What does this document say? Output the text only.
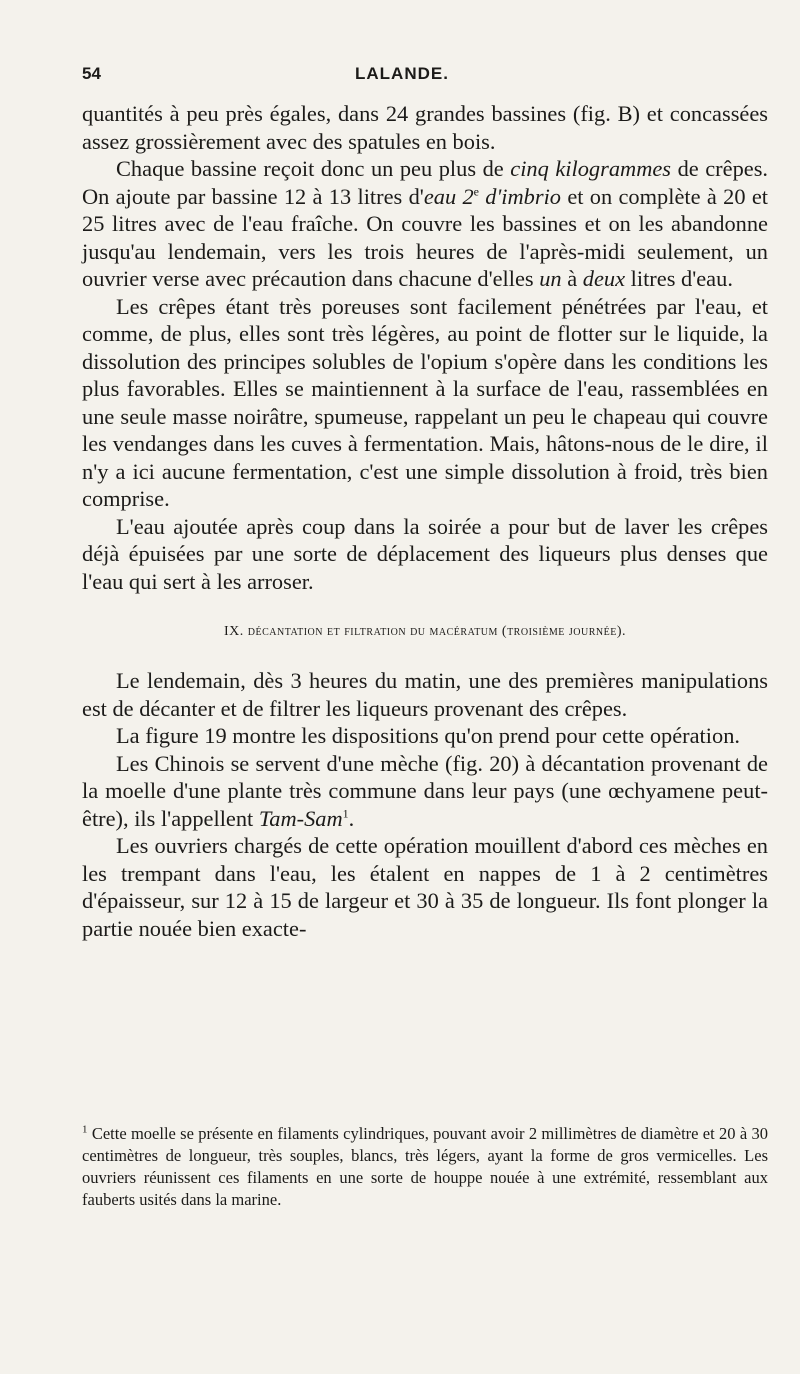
54	LALANDE.

quantités à peu près égales, dans 24 grandes bassines (fig. B) et concassées assez grossièrement avec des spatules en bois.

Chaque bassine reçoit donc un peu plus de cinq kilogrammes de crêpes. On ajoute par bassine 12 à 13 litres d'eau 2e d'imbrio et on complète à 20 et 25 litres avec de l'eau fraîche. On couvre les bassines et on les abandonne jusqu'au lendemain, vers les trois heures de l'après-midi seulement, un ouvrier verse avec précaution dans chacune d'elles un à deux litres d'eau.

Les crêpes étant très poreuses sont facilement pénétrées par l'eau, et comme, de plus, elles sont très légères, au point de flotter sur le liquide, la dissolution des principes solubles de l'opium s'opère dans les conditions les plus favorables. Elles se maintiennent à la surface de l'eau, rassemblées en une seule masse noirâtre, spumeuse, rappelant un peu le chapeau qui couvre les vendanges dans les cuves à fermentation. Mais, hâtons-nous de le dire, il n'y a ici aucune fermentation, c'est une simple dissolution à froid, très bien comprise.

L'eau ajoutée après coup dans la soirée a pour but de laver les crêpes déjà épuisées par une sorte de déplacement des liqueurs plus denses que l'eau qui sert à les arroser.

IX. décantation et filtration du macératum (troisième journée).

Le lendemain, dès 3 heures du matin, une des premières manipulations est de décanter et de filtrer les liqueurs provenant des crêpes.

La figure 19 montre les dispositions qu'on prend pour cette opération.

Les Chinois se servent d'une mèche (fig. 20) à décantation provenant de la moelle d'une plante très commune dans leur pays (une œchyamene peut-être), ils l'appellent Tam-Sam$^1$.

Les ouvriers chargés de cette opération mouillent d'abord ces mèches en les trempant dans l'eau, les étalent en nappes de 1 à 2 centimètres d'épaisseur, sur 12 à 15 de largeur et 30 à 35 de longueur. Ils font plonger la partie nouée bien exacte-

$^1$ Cette moelle se présente en filaments cylindriques, pouvant avoir 2 millimètres de diamètre et 20 à 30 centimètres de longueur, très souples, blancs, très légers, ayant la forme de gros vermicelles. Les ouvriers réunissent ces filaments en une sorte de houppe nouée à une extrémité, ressemblant aux fauberts usités dans la marine.
